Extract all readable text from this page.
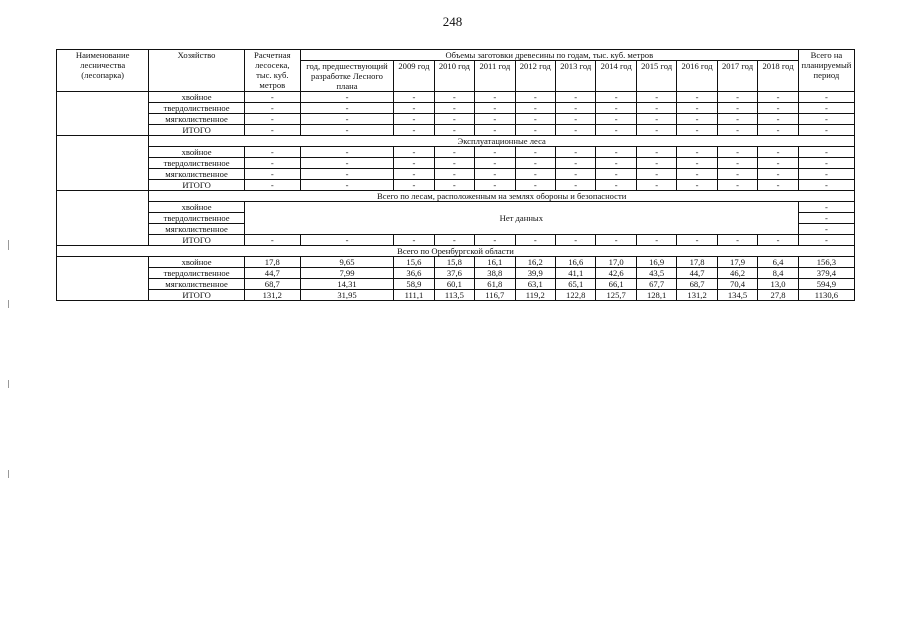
248
Наименование лесничества (лесопарка)	Хозяйство	Расчетная лесосека, тыс. куб. метров	Объемы заготовки древесины по годам, тыс. куб. метров											Всего на планируемый период
			год, предшествующий разработке Лесного плана	2009 год	2010 год	2011 год	2012 год	2013 год	2014 год	2015 год	2016 год	2017 год	2018 год	
	хвойное	-	-	-	-	-	-	-	-	-	-	-	-	-
	твердолиственное	-	-	-	-	-	-	-	-	-	-	-	-	-
	мягколиственное	-	-	-	-	-	-	-	-	-	-	-	-	-
	ИТОГО	-	-	-	-	-	-	-	-	-	-	-	-	-
	Эксплуатационные леса													
	хвойное	-	-	-	-	-	-	-	-	-	-	-	-	-
	твердолиственное	-	-	-	-	-	-	-	-	-	-	-	-	-
	мягколиственное	-	-	-	-	-	-	-	-	-	-	-	-	-
	ИТОГО	-	-	-	-	-	-	-	-	-	-	-	-	-
	Всего по лесам, расположенным на землях обороны и безопасности													
	хвойное	Нет данных												-
	твердолиственное													-
	мягколиственное													-
	ИТОГО	-	-	-	-	-	-	-	-	-	-	-	-	-
Всего по Оренбургской области														
	хвойное	17,8	9,65	15,6	15,8	16,1	16,2	16,6	17,0	16,9	17,8	17,9	6,4	156,3
	твердолиственное	44,7	7,99	36,6	37,6	38,8	39,9	41,1	42,6	43,5	44,7	46,2	8,4	379,4
	мягколиственное	68,7	14,31	58,9	60,1	61,8	63,1	65,1	66,1	67,7	68,7	70,4	13,0	594,9
	ИТОГО	131,2	31,95	111,1	113,5	116,7	119,2	122,8	125,7	128,1	131,2	134,5	27,8	1130,6
